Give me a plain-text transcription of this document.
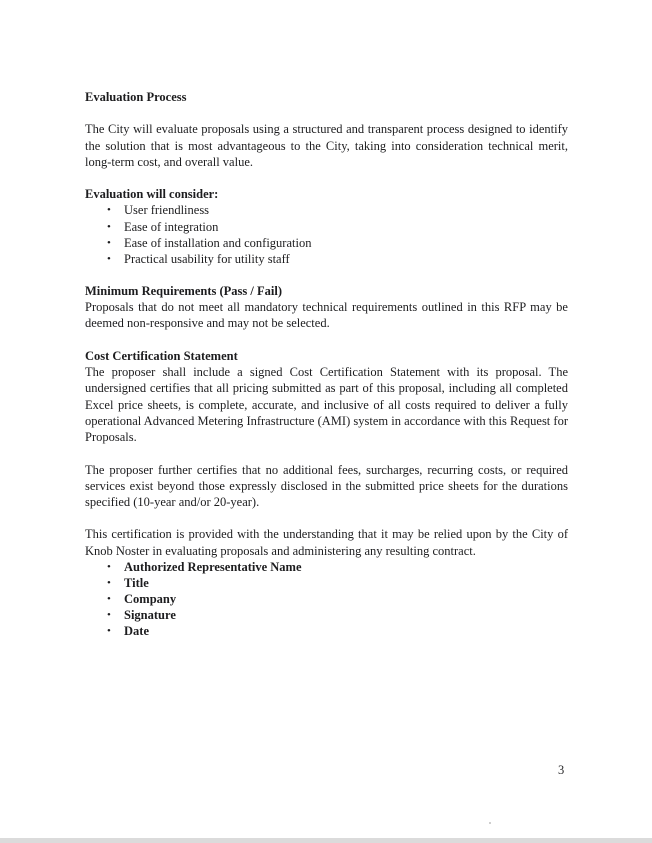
Evaluation Process

The City will evaluate proposals using a structured and transparent process designed to identify the solution that is most advantageous to the City, taking into consideration technical merit, long-term cost, and overall value.

Evaluation will consider:
•	User friendliness
•	Ease of integration
•	Ease of installation and configuration
•	Practical usability for utility staff
Minimum Requirements (Pass / Fail)

Proposals that do not meet all mandatory technical requirements outlined in this RFP may be deemed non-responsive and may not be selected.

Cost Certification Statement

The proposer shall include a signed Cost Certification Statement with its proposal. The undersigned certifies that all pricing submitted as part of this proposal, including all completed Excel price sheets, is complete, accurate, and inclusive of all costs required to deliver a fully operational Advanced Metering Infrastructure (AMI) system in accordance with this Request for Proposals.

The proposer further certifies that no additional fees, surcharges, recurring costs, or required services exist beyond those expressly disclosed in the submitted price sheets for the durations specified (10-year and/or 20-year).

This certification is provided with the understanding that it may be relied upon by the City of Knob Noster in evaluating proposals and administering any resulting contract.

•	Authorized Representative Name
•	Title
•	Company
•	Signature
•	Date
3
